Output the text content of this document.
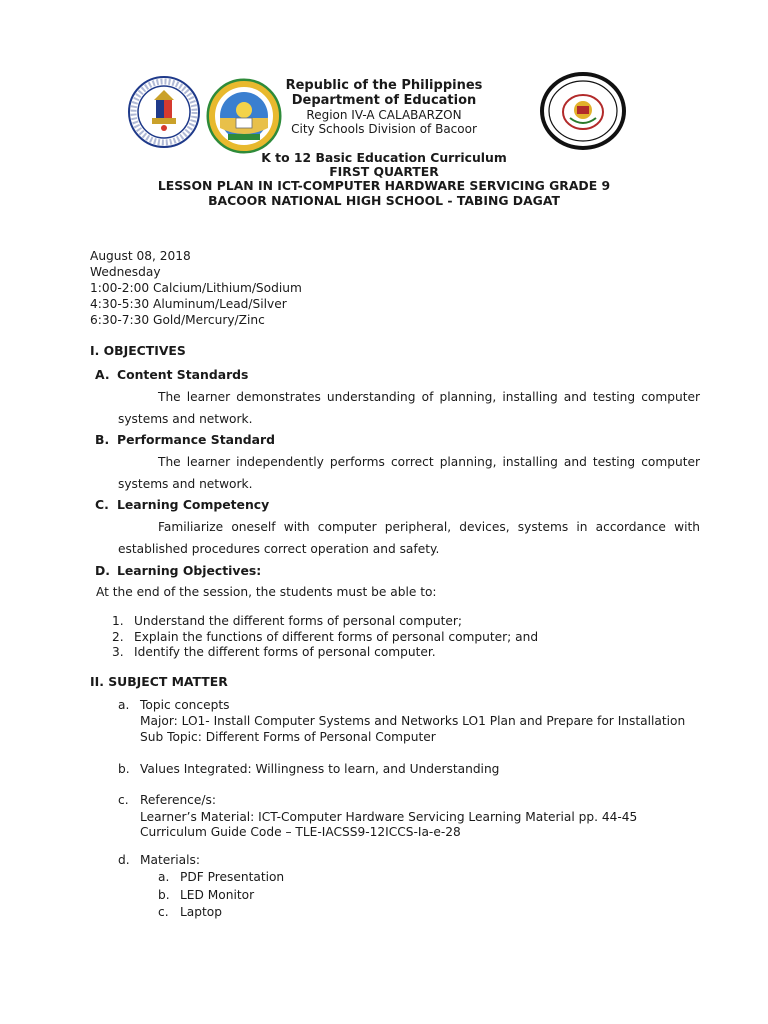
Republic of the Philippines
Department of Education
Region IV-A CALABARZON
City Schools Division of Bacoor
K to 12 Basic Education Curriculum
FIRST QUARTER
LESSON PLAN IN ICT-COMPUTER HARDWARE SERVICING GRADE 9
BACOOR NATIONAL HIGH SCHOOL - TABING DAGAT
August 08, 2018
Wednesday
1:00-2:00 Calcium/Lithium/Sodium
4:30-5:30 Aluminum/Lead/Silver
6:30-7:30 Gold/Mercury/Zinc
I. OBJECTIVES
A. Content Standards
The learner demonstrates understanding of planning, installing and testing computer systems and network.
B. Performance Standard
The learner independently performs correct planning, installing and testing computer systems and network.
C. Learning Competency
Familiarize oneself with computer peripheral, devices, systems in accordance with established procedures correct operation and safety.
D. Learning Objectives:
At the end of the session, the students must be able to:
1. Understand the different forms of personal computer;
2. Explain the functions of different forms of personal computer; and
3. Identify the different forms of personal computer.
II. SUBJECT MATTER
a. Topic concepts
Major: LO1- Install Computer Systems and Networks LO1 Plan and Prepare for Installation
Sub Topic: Different Forms of Personal Computer
b. Values Integrated: Willingness to learn, and Understanding
c. Reference/s:
Learner’s Material: ICT-Computer Hardware Servicing Learning Material pp. 44-45
Curriculum Guide Code – TLE-IACSS9-12ICCS-Ia-e-28
d. Materials:
a. PDF Presentation
b. LED Monitor
c. Laptop
